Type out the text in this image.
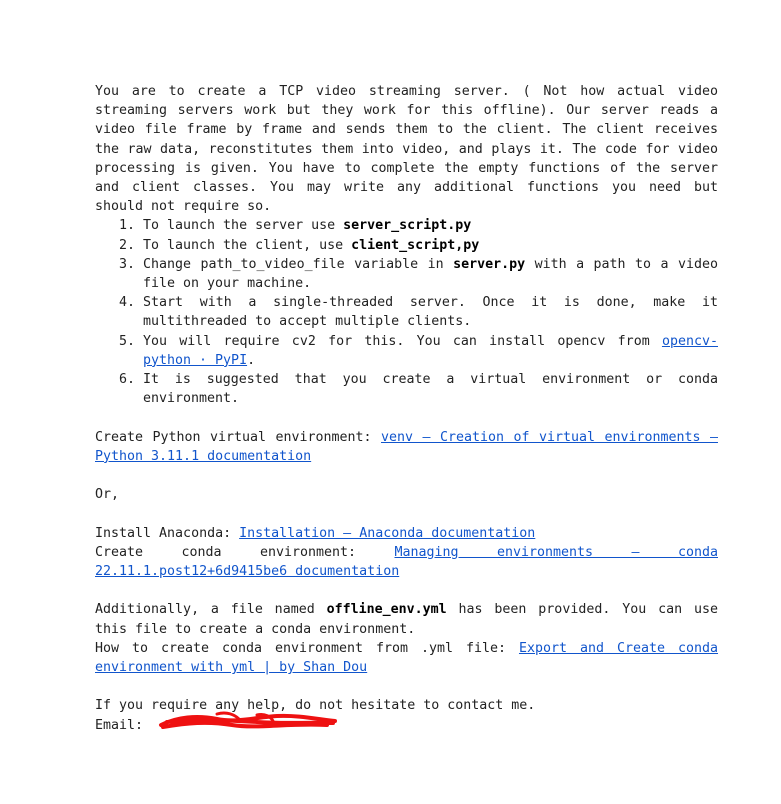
You are to create a TCP video streaming server. ( Not how actual video streaming servers work but they work for this offline). Our server reads a video file frame by frame and sends them to the client. The client receives the raw data, reconstitutes them into video, and plays it. The code for video processing is given. You have to complete the empty functions of the server and client classes. You may write any additional functions you need but should not require so.

1. To launch the server use server_script.py
2. To launch the client, use client_script,py
3. Change path_to_video_file variable in server.py with a path to a video file on your machine.
4. Start with a single-threaded server. Once it is done, make it multithreaded to accept multiple clients.
5. You will require cv2 for this. You can install opencv from opencv-python · PyPI.
6. It is suggested that you create a virtual environment or conda environment.

Create Python virtual environment: venv — Creation of virtual environments — Python 3.11.1 documentation

Or,

Install Anaconda: Installation — Anaconda documentation

Create conda environment: Managing environments — conda 22.11.1.post12+6d9415be6 documentation

Additionally, a file named offline_env.yml has been provided. You can use this file to create a conda environment.

How to create conda environment from .yml file: Export and Create conda environment with yml | by Shan Dou

If you require any help, do not hesitate to contact me.

Email:
